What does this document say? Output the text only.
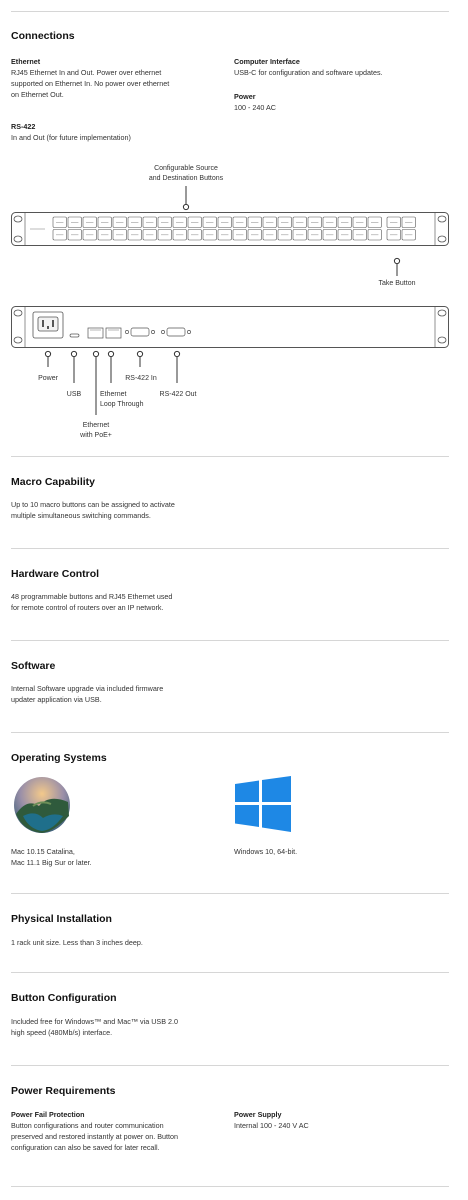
Connections
Ethernet
RJ45 Ethernet In and Out. Power over ethernet
supported on Ethernet In. No power over ethernet
on Ethernet Out.
RS-422
In and Out (for future implementation)
Computer Interface
USB-C for configuration and software updates.
Power
100 - 240 AC
Configurable Source
and Destination Buttons
Take Button
Power
USB
Ethernet
with PoE+
Ethernet
Loop Through
RS-422 In
RS-422 Out
Macro Capability
Up to 10 macro buttons can be assigned to activate
multiple simultaneous switching commands.
Hardware Control
48 programmable buttons and RJ45 Ethernet used
for remote control of routers over an IP network.
Software
Internal Software upgrade via included firmware
updater application via USB.
Operating Systems
Mac 10.15 Catalina,
Mac 11.1 Big Sur or later.
Windows 10, 64-bit.
Physical Installation
1 rack unit size. Less than 3 inches deep.
Button Configuration
Included free for Windows™ and Mac™ via USB 2.0
high speed (480Mb/s) interface.
Power Requirements
Power Fail Protection
Button configurations and router communication
preserved and restored instantly at power on. Button
configuration can also be saved for later recall.
Power Supply
Internal 100 - 240 V AC
